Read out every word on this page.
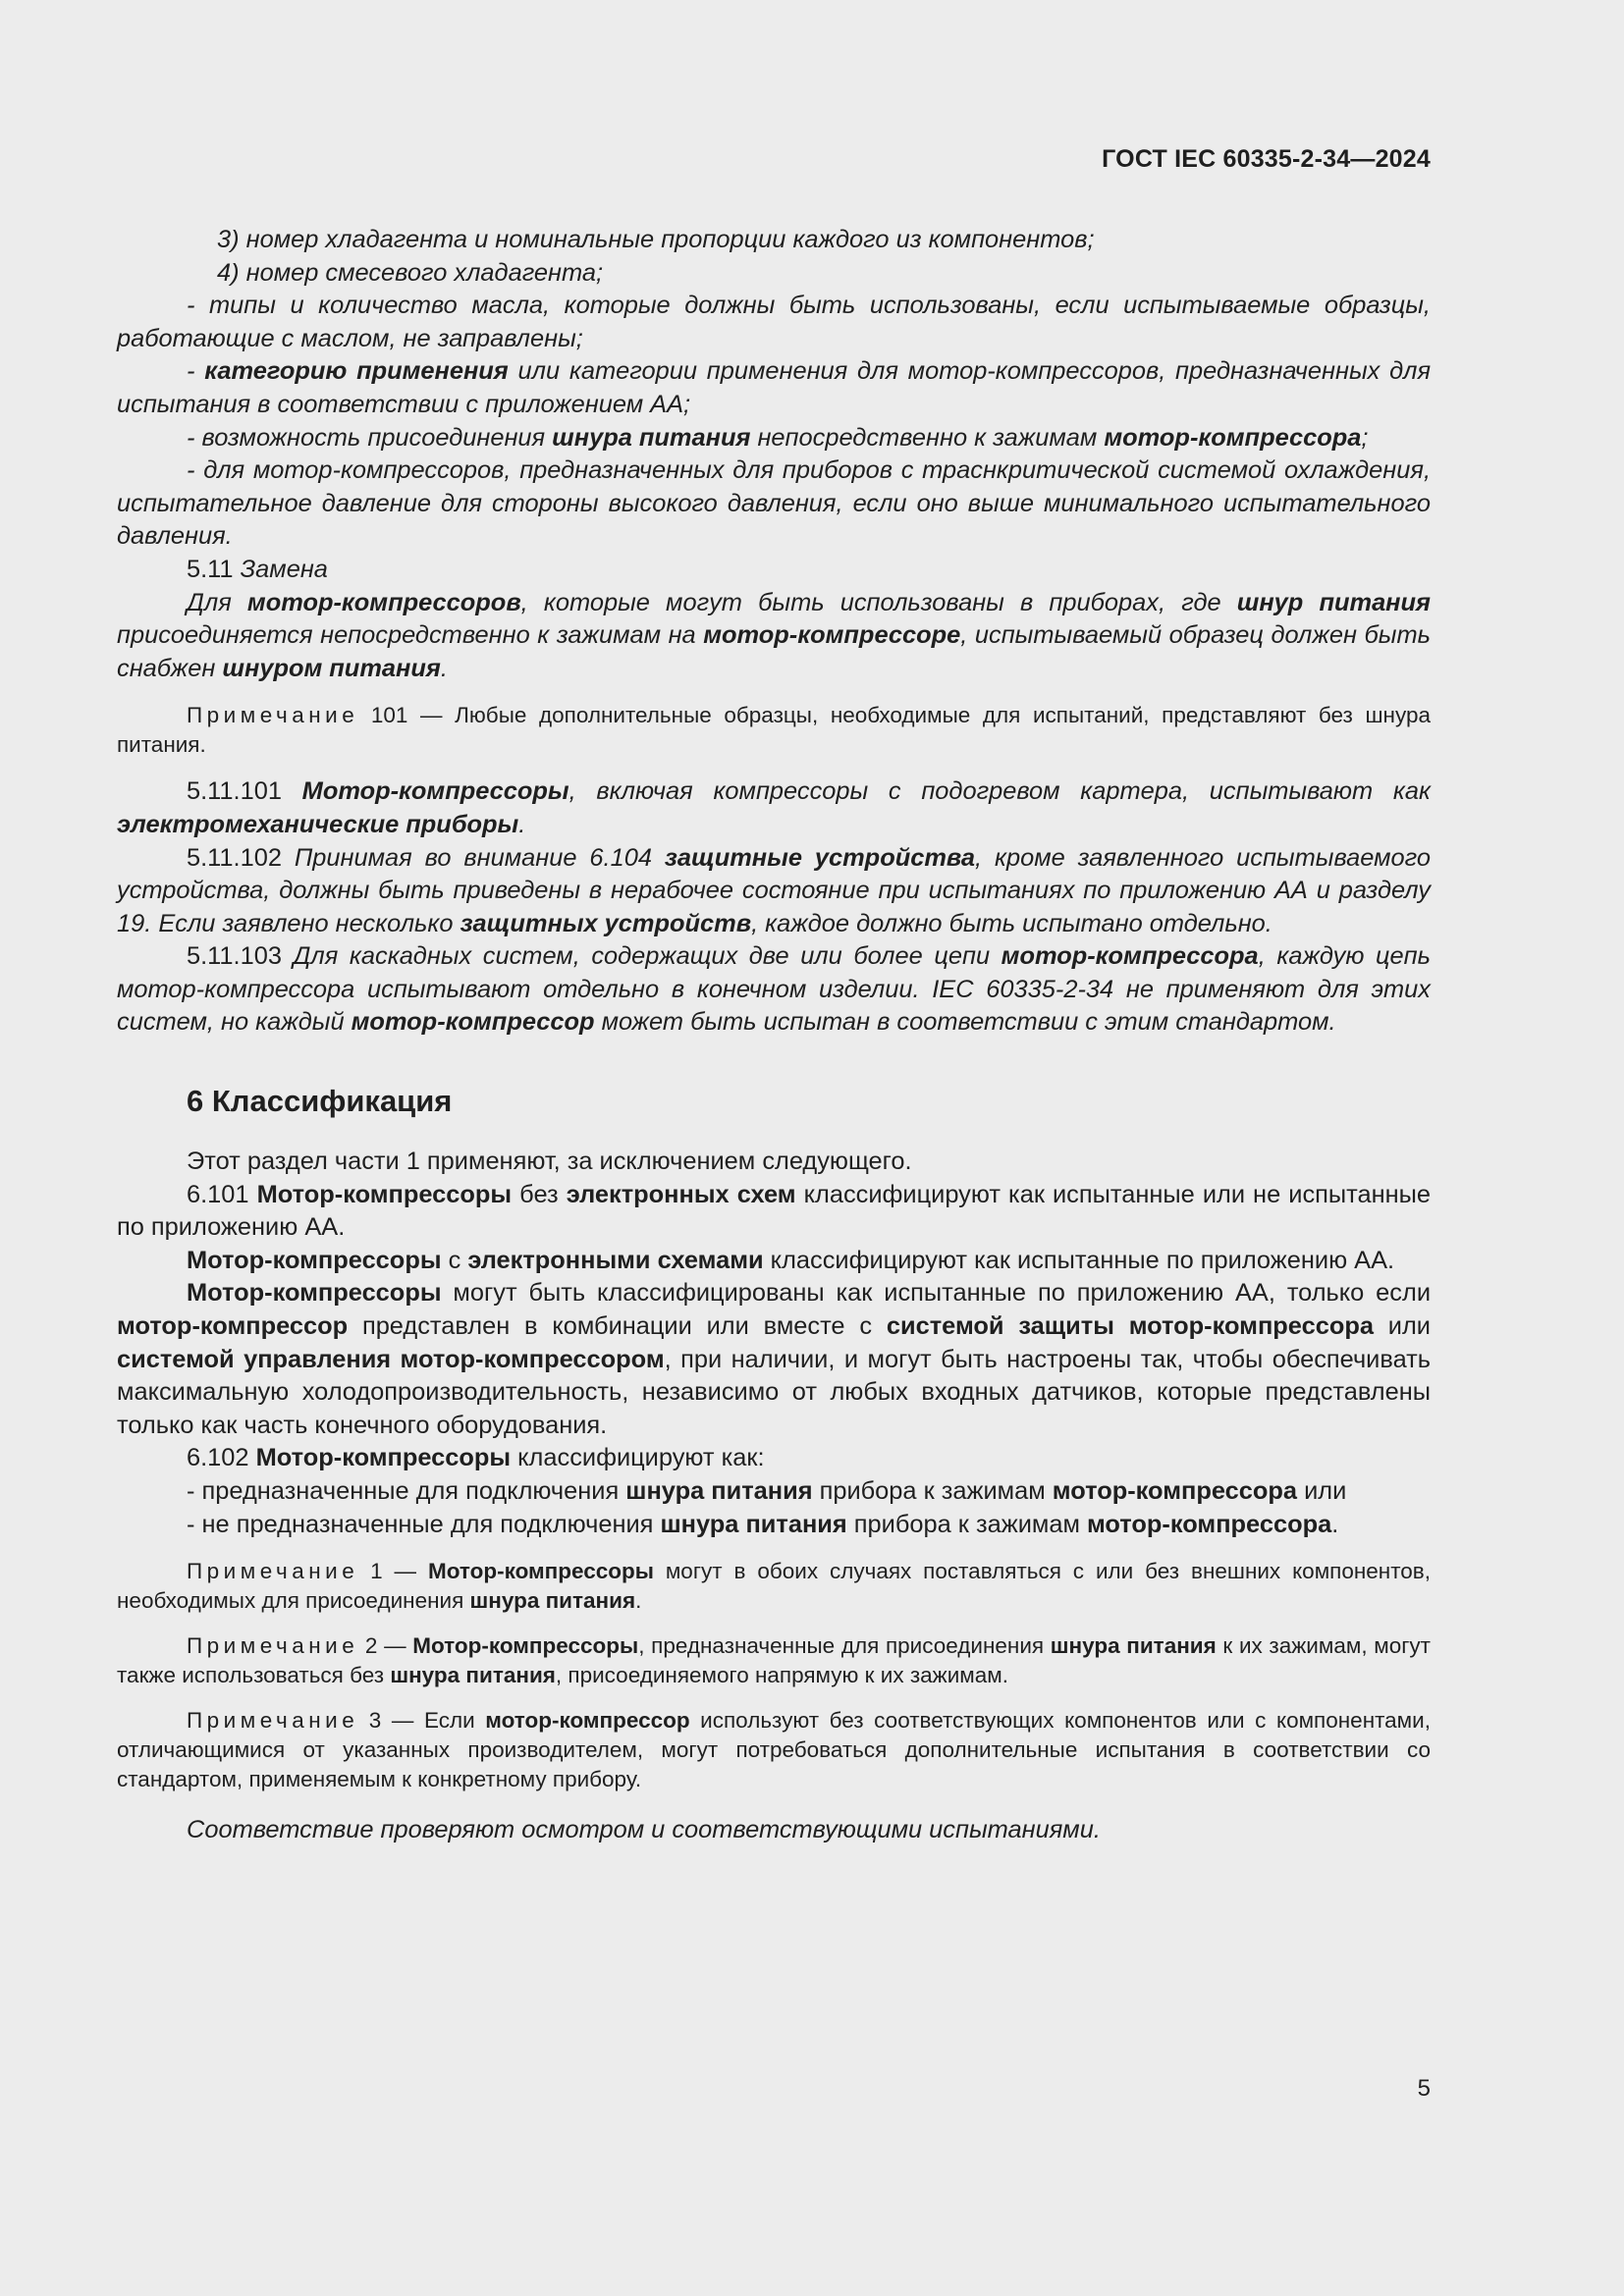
ГОСТ IEC 60335-2-34—2024

3) номер хладагента и номинальные пропорции каждого из компонентов;

4) номер смесевого хладагента;

- типы и количество масла, которые должны быть использованы, если испытываемые образцы, работающие с маслом, не заправлены;

- категорию применения или категории применения для мотор-компрессоров, предназначенных для испытания в соответствии с приложением АА;

- возможность присоединения шнура питания непосредственно к зажимам мотор-компрессора;

- для мотор-компрессоров, предназначенных для приборов с траснкритической системой охлаждения, испытательное давление для стороны высокого давления, если оно выше минимального испытательного давления.

5.11 Замена

Для мотор-компрессоров, которые могут быть использованы в приборах, где шнур питания присоединяется непосредственно к зажимам на мотор-компрессоре, испытываемый образец должен быть снабжен шнуром питания.

Примечание 101 — Любые дополнительные образцы, необходимые для испытаний, представляют без шнура питания.

5.11.101 Мотор-компрессоры, включая компрессоры с подогревом картера, испытывают как электромеханические приборы.

5.11.102 Принимая во внимание 6.104 защитные устройства, кроме заявленного испытываемого устройства, должны быть приведены в нерабочее состояние при испытаниях по приложению АА и разделу 19. Если заявлено несколько защитных устройств, каждое должно быть испытано отдельно.

5.11.103 Для каскадных систем, содержащих две или более цепи мотор-компрессора, каждую цепь мотор-компрессора испытывают отдельно в конечном изделии. IEC 60335-2-34 не применяют для этих систем, но каждый мотор-компрессор может быть испытан в соответствии с этим стандартом.

6 Классификация

Этот раздел части 1 применяют, за исключением следующего.

6.101 Мотор-компрессоры без электронных схем классифицируют как испытанные или не испытанные по приложению АА.

Мотор-компрессоры с электронными схемами классифицируют как испытанные по приложению АА.

Мотор-компрессоры могут быть классифицированы как испытанные по приложению АА, только если мотор-компрессор представлен в комбинации или вместе с системой защиты мотор-компрессора или системой управления мотор-компрессором, при наличии, и могут быть настроены так, чтобы обеспечивать максимальную холодопроизводительность, независимо от любых входных датчиков, которые представлены только как часть конечного оборудования.

6.102 Мотор-компрессоры классифицируют как:

- предназначенные для подключения шнура питания прибора к зажимам мотор-компрессора или

- не предназначенные для подключения шнура питания прибора к зажимам мотор-компрессора.

Примечание 1 — Мотор-компрессоры могут в обоих случаях поставляться с или без внешних компонентов, необходимых для присоединения шнура питания.

Примечание 2 — Мотор-компрессоры, предназначенные для присоединения шнура питания к их зажимам, могут также использоваться без шнура питания, присоединяемого напрямую к их зажимам.

Примечание 3 — Если мотор-компрессор используют без соответствующих компонентов или с компонентами, отличающимися от указанных производителем, могут потребоваться дополнительные испытания в соответствии со стандартом, применяемым к конкретному прибору.

Соответствие проверяют осмотром и соответствующими испытаниями.

5
